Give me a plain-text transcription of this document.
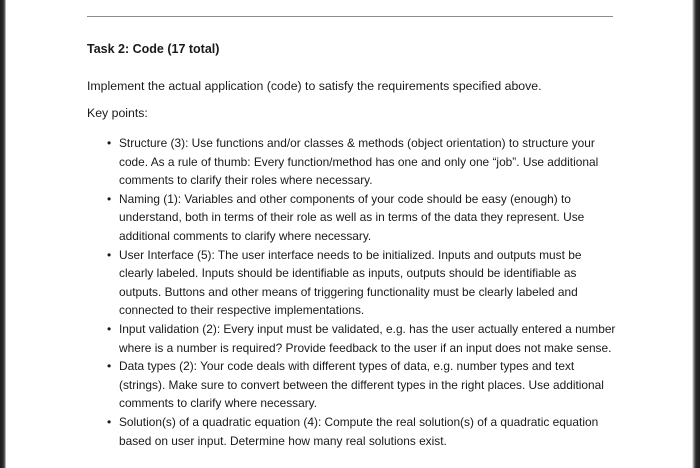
Task 2: Code (17 total)

Implement the actual application (code) to satisfy the requirements specified above.

Key points:

• Structure (3): Use functions and/or classes & methods (object orientation) to structure your code. As a rule of thumb: Every function/method has one and only one “job”. Use additional comments to clarify their roles where necessary.
• Naming (1): Variables and other components of your code should be easy (enough) to understand, both in terms of their role as well as in terms of the data they represent. Use additional comments to clarify where necessary.
• User Interface (5): The user interface needs to be initialized. Inputs and outputs must be clearly labeled. Inputs should be identifiable as inputs, outputs should be identifiable as outputs. Buttons and other means of triggering functionality must be clearly labeled and connected to their respective implementations.
• Input validation (2): Every input must be validated, e.g. has the user actually entered a number where is a number is required? Provide feedback to the user if an input does not make sense.
• Data types (2): Your code deals with different types of data, e.g. number types and text (strings). Make sure to convert between the different types in the right places. Use additional comments to clarify where necessary.
• Solution(s) of a quadratic equation (4): Compute the real solution(s) of a quadratic equation based on user input. Determine how many real solutions exist.
